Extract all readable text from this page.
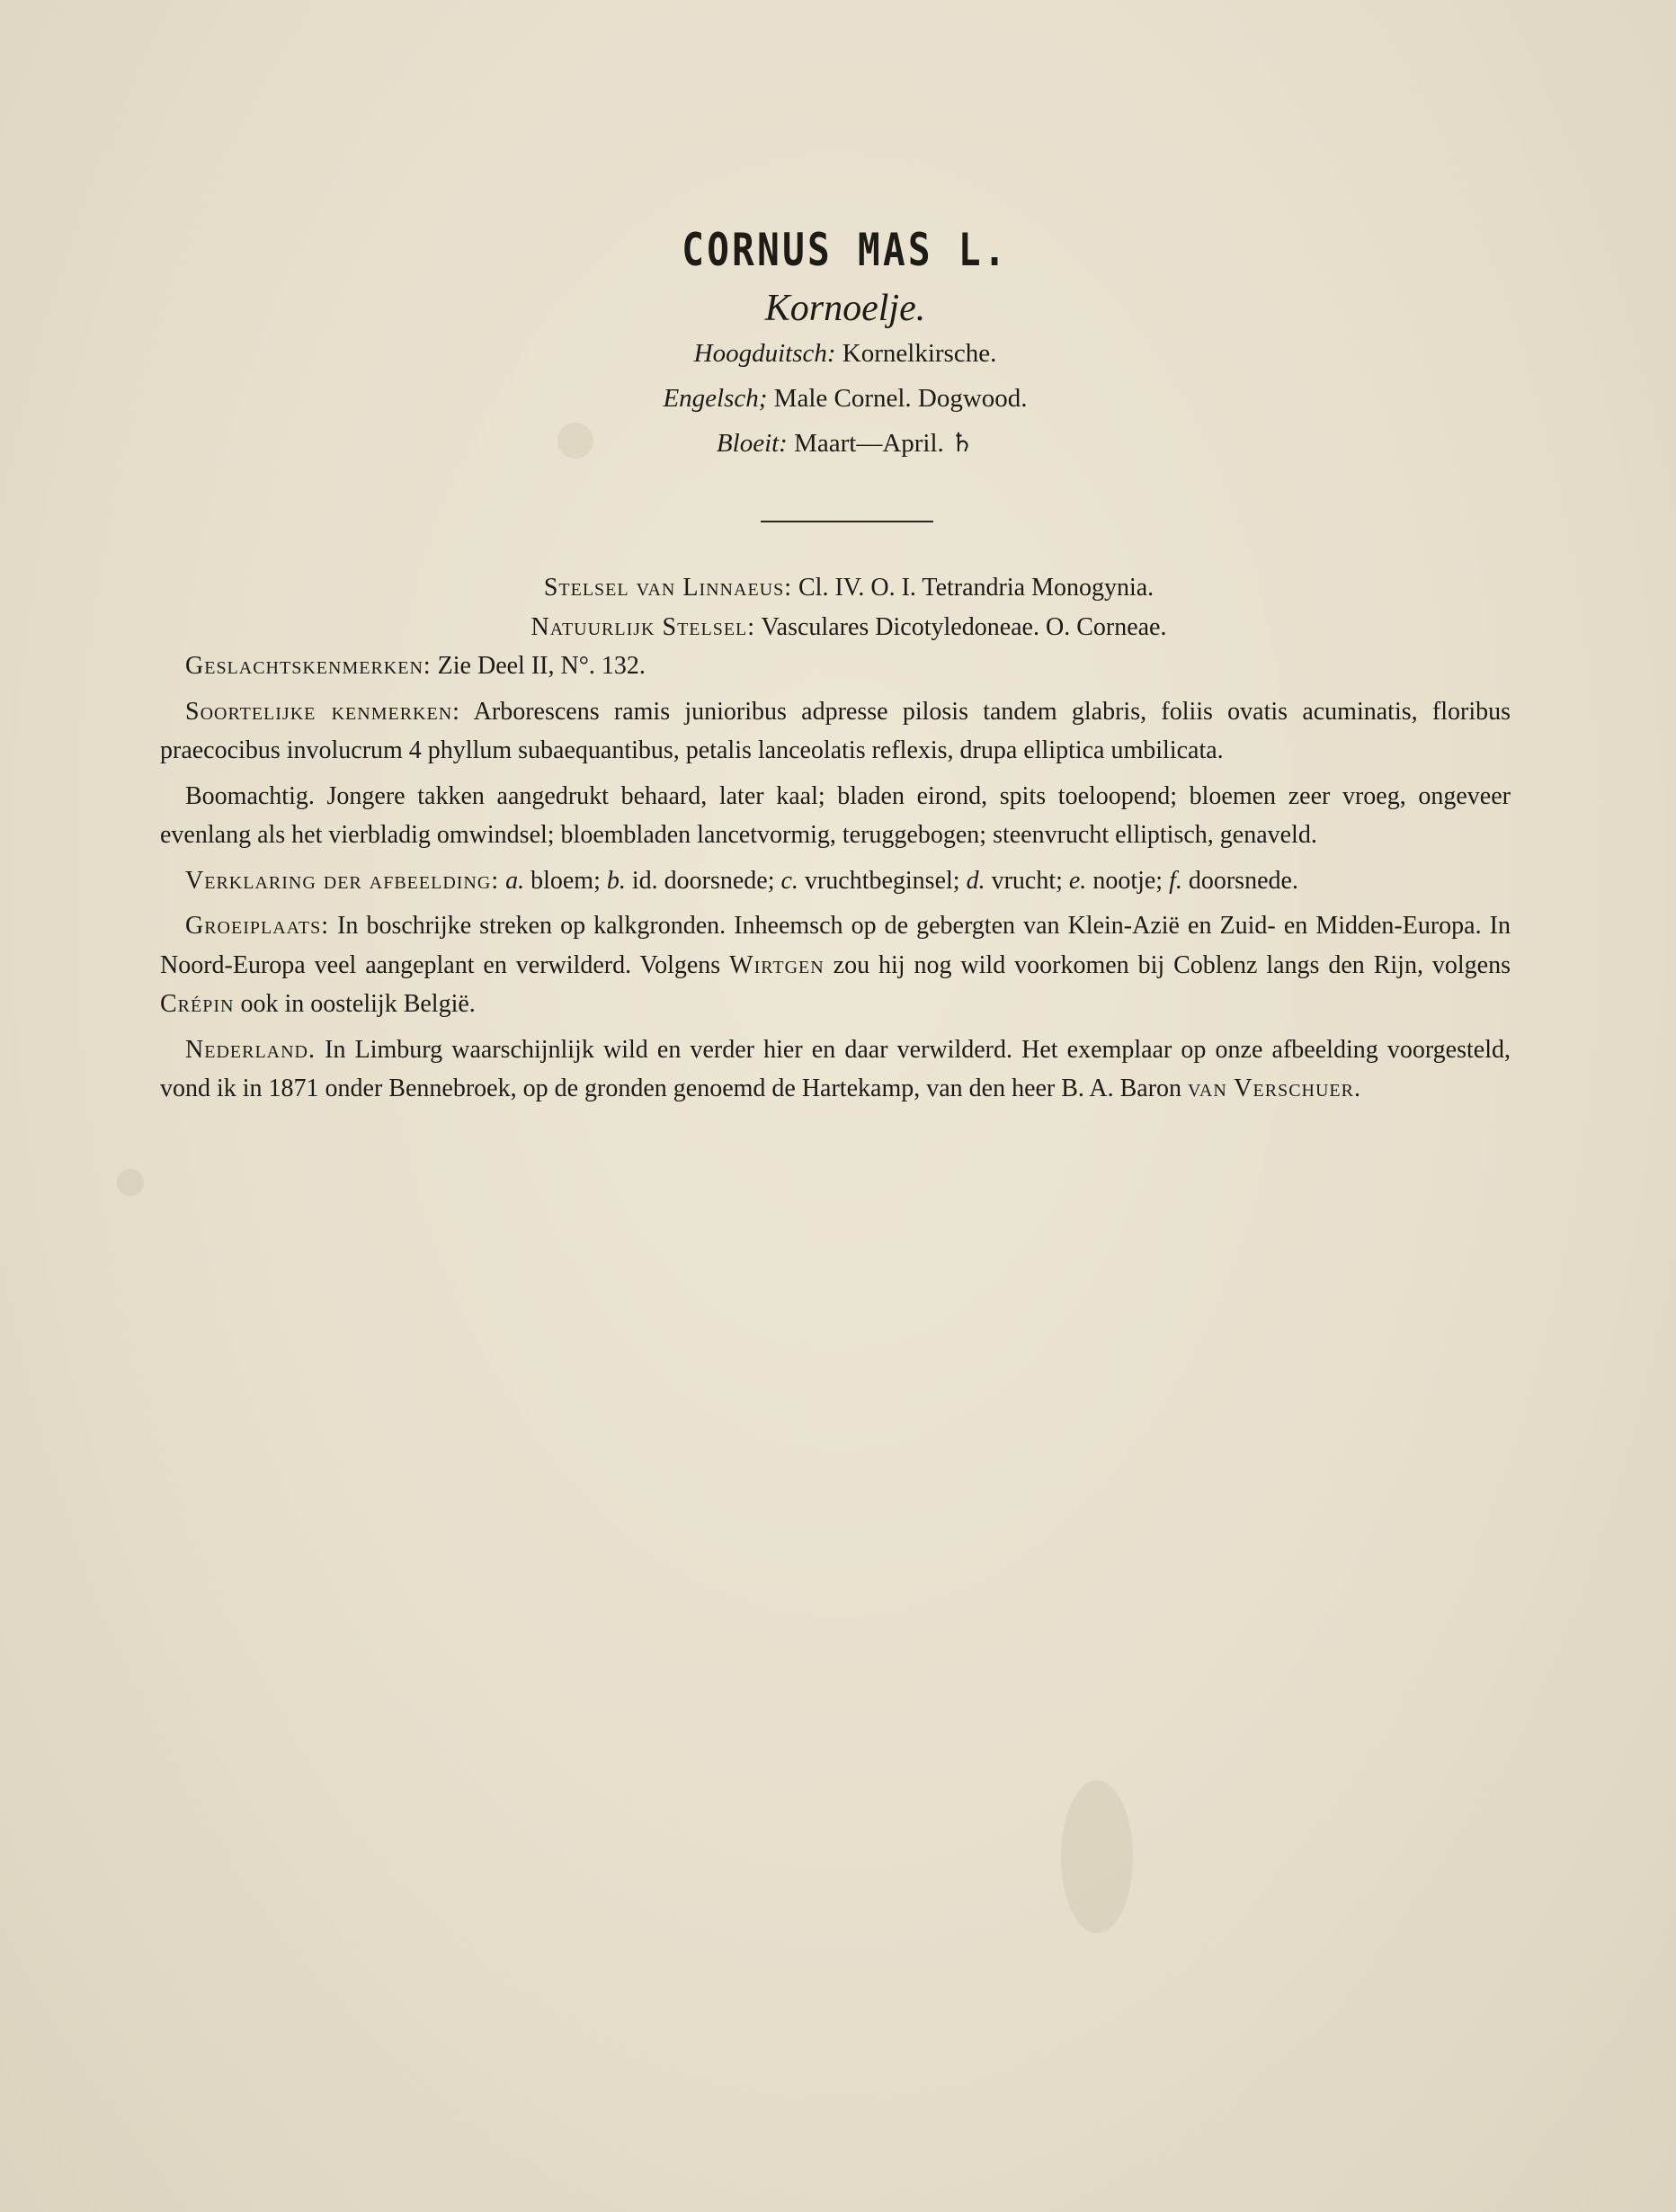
CORNUS MAS L.

Kornoelje.

Hoogduitsch: Kornelkirsche.

Engelsch; Male Cornel. Dogwood.

Bloeit: Maart—April. ♄

Stelsel van Linnaeus: Cl. IV. O. I. Tetrandria Monogynia.

Natuurlijk Stelsel: Vasculares Dicotyledoneae. O. Corneae.

Geslachtskenmerken: Zie Deel II, N°. 132.

Soortelijke kenmerken: Arborescens ramis junioribus adpresse pilosis tandem glabris, foliis ovatis acuminatis, floribus praecocibus involucrum 4 phyllum subaequantibus, petalis lanceolatis reflexis, drupa elliptica umbilicata.

Boomachtig. Jongere takken aangedrukt behaard, later kaal; bladen eirond, spits toeloopend; bloemen zeer vroeg, ongeveer evenlang als het vierbladig omwindsel; bloembladen lancetvormig, teruggebogen; steenvrucht elliptisch, genaveld.

Verklaring der afbeelding: a. bloem; b. id. doorsnede; c. vruchtbeginsel; d. vrucht; e. nootje; f. doorsnede.

Groeiplaats: In boschrijke streken op kalkgronden. Inheemsch op de gebergten van Klein-Azië en Zuid- en Midden-Europa. In Noord-Europa veel aangeplant en verwilderd. Volgens Wirtgen zou hij nog wild voorkomen bij Coblenz langs den Rijn, volgens Crépin ook in oostelijk België.

Nederland. In Limburg waarschijnlijk wild en verder hier en daar verwilderd. Het exemplaar op onze afbeelding voorgesteld, vond ik in 1871 onder Bennebroek, op de gronden genoemd de Hartekamp, van den heer B. A. Baron van Verschuer.
